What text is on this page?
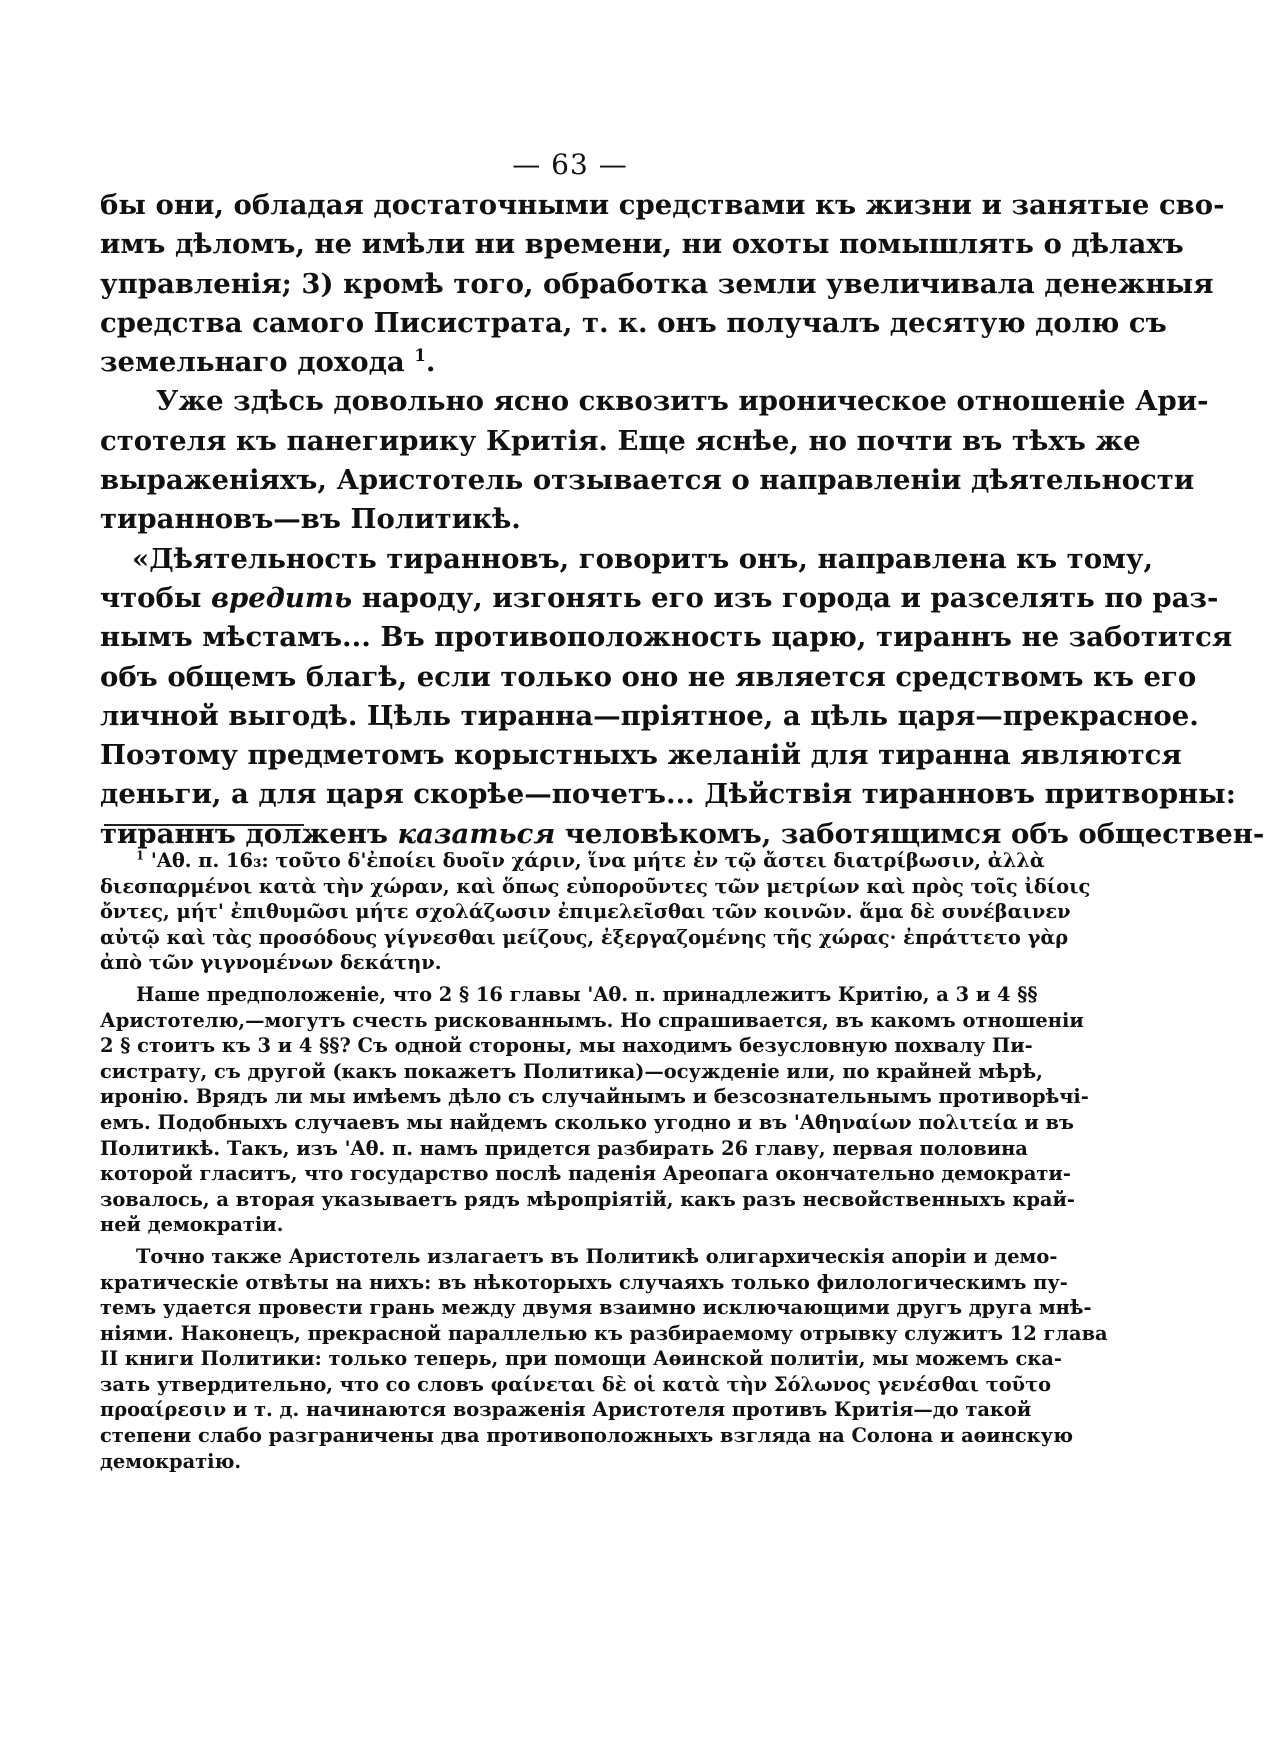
— 63 —
бы они, обладая достаточными средствами къ жизни и занятые сво-
имъ дѣломъ, не имѣли ни времени, ни охоты помышлять о дѣлахъ
управленія; 3) кромѣ того, обработка земли увеличивала денежныя
средства самого Писистрата, т. к. онъ получалъ десятую долю съ
земельнаго дохода $^1$.
Уже здѣсь довольно ясно сквозитъ ироническое отношеніе Ари-
стотеля къ панегирику Критія. Еще яснѣе, но почти въ тѣхъ же
выраженіяхъ, Аристотель отзывается о направленіи дѣятельности
тиранновъ—въ Политикѣ.
«Дѣятельность тиранновъ, говоритъ онъ, направлена къ тому,
чтобы вредить народу, изгонять его изъ города и разселять по раз-
нымъ мѣстамъ... Въ противоположность царю, тираннъ не заботится
объ общемъ благѣ, если только оно не является средствомъ къ его
личной выгодѣ. Цѣль тиранна—пріятное, а цѣль царя—прекрасное.
Поэтому предметомъ корыстныхъ желаній для тиранна являются
деньги, а для царя скорѣе—почетъ... Дѣйствія тиранновъ притворны:
тираннъ долженъ казаться человѣкомъ, заботящимся объ обществен-
$^1$ 'Αθ. π. 16₃: τοῦτο δ'ἐποίει δυοῖν χάριν, ἵνα μήτε ἐν τῷ ἄστει διατρίβωσιν, ἀλλὰ
διεσπαρμένοι κατὰ τὴν χώραν, καὶ ὅπως εὐποροῦντες τῶν μετρίων καὶ πρὸς τοῖς ἰδίοις
ὄντες, μήτ' ἐπιθυμῶσι μήτε σχολάζωσιν ἐπιμελεῖσθαι τῶν κοινῶν. ἅμα δὲ συνέβαινεν
αὐτῷ καὶ τὰς προσόδους γίγνεσθαι μείζους, ἐξεργαζομένης τῆς χώρας· ἐπράττετο γὰρ
ἀπὸ τῶν γιγνομένων δεκάτην.
Наше предположеніе, что 2 § 16 главы 'Αθ. π. принадлежитъ Критію, а 3 и 4 §§
Аристотелю,—могутъ счесть рискованнымъ. Но спрашивается, въ какомъ отношеніи
2 § стоитъ къ 3 и 4 §§? Съ одной стороны, мы находимъ безусловную похвалу Пи-
систрату, съ другой (какъ покажетъ Политика)—осужденіе или, по крайней мѣрѣ,
иронію. Врядъ ли мы имѣемъ дѣло съ случайнымъ и безсознательнымъ противорѣчі-
емъ. Подобныхъ случаевъ мы найдемъ сколько угодно и въ 'Αθηναίων πολιτεία и въ
Политикѣ. Такъ, изъ 'Αθ. π. намъ придется разбирать 26 главу, первая половина
которой гласитъ, что государство послѣ паденія Ареопага окончательно демократи-
зовалось, а вторая указываетъ рядъ мѣропріятій, какъ разъ несвойственныхъ край-
ней демократіи.
Точно также Аристотель излагаетъ въ Политикѣ олигархическія апоріи и демо-
кратическіе отвѣты на нихъ: въ нѣкоторыхъ случаяхъ только филологическимъ пу-
темъ удается провести грань между двумя взаимно исключающими другъ друга мнѣ-
ніями. Наконецъ, прекрасной параллелью къ разбираемому отрывку служитъ 12 глава
II книги Политики: только теперь, при помощи Аѳинской политіи, мы можемъ ска-
зать утвердительно, что со словъ φαίνεται δὲ οἱ κατὰ τὴν Σόλωνος γενέσθαι τοῦτο
προαίρεσιν и т. д. начинаются возраженія Аристотеля противъ Критія—до такой
степени слабо разграничены два противоположныхъ взгляда на Солона и аѳинскую
демократію.
